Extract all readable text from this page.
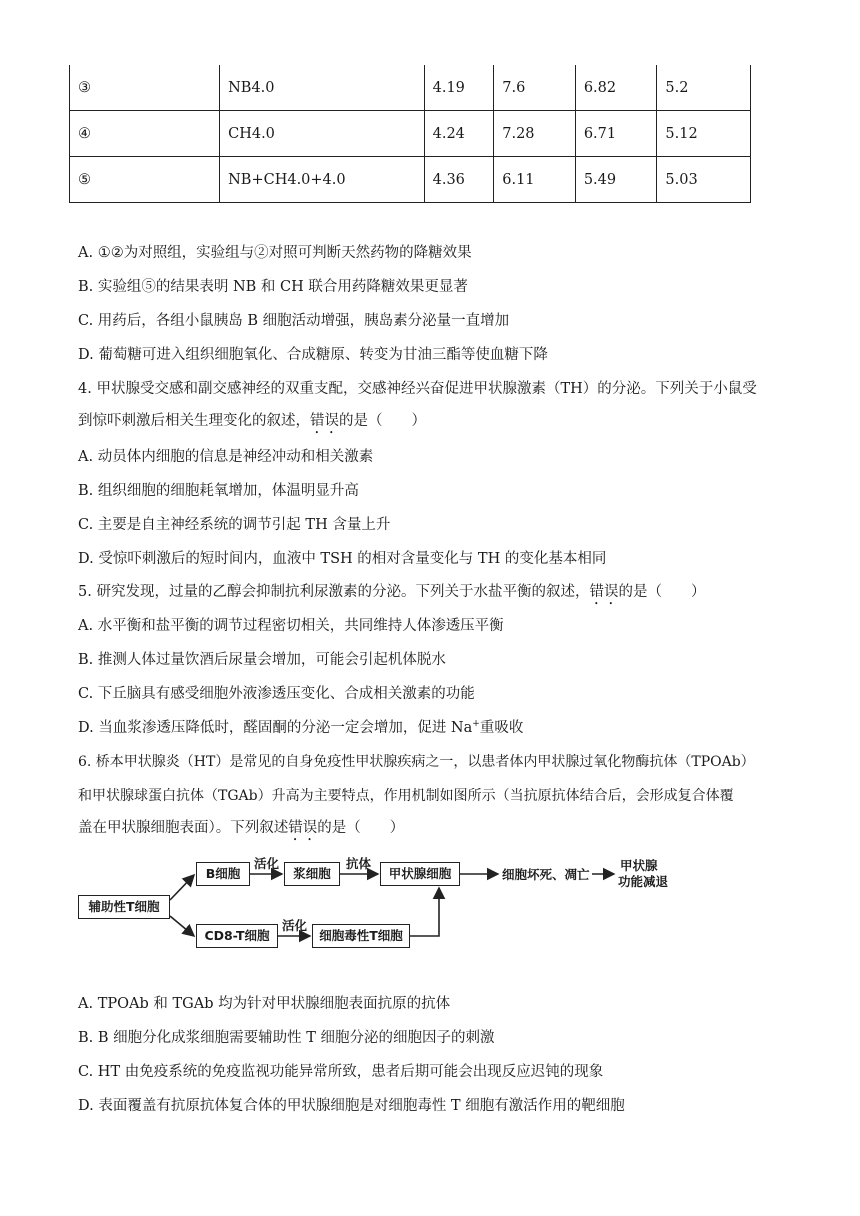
③	NB4.0	4.19	7.6	6.82	5.2
④	CH4.0	4.24	7.28	6.71	5.12
⑤	NB+CH4.0+4.0	4.36	6.11	5.49	5.03
A. ①②为对照组，实验组与②对照可判断天然药物的降糖效果
B. 实验组⑤的结果表明 NB 和 CH 联合用药降糖效果更显著
C. 用药后，各组小鼠胰岛 B 细胞活动增强，胰岛素分泌量一直增加
D. 葡萄糖可进入组织细胞氧化、合成糖原、转变为甘油三酯等使血糖下降
4. 甲状腺受交感和副交感神经的双重支配，交感神经兴奋促进甲状腺激素（TH）的分泌。下列关于小鼠受
到惊吓刺激后相关生理变化的叙述，错误的是（　　）
A. 动员体内细胞的信息是神经冲动和相关激素
B. 组织细胞的细胞耗氧增加，体温明显升高
C. 主要是自主神经系统的调节引起 TH 含量上升
D. 受惊吓刺激后的短时间内，血液中 TSH 的相对含量变化与 TH 的变化基本相同
5. 研究发现，过量的乙醇会抑制抗利尿激素的分泌。下列关于水盐平衡的叙述，错误的是（　　）
A. 水平衡和盐平衡的调节过程密切相关，共同维持人体渗透压平衡
B. 推测人体过量饮酒后尿量会增加，可能会引起机体脱水
C. 下丘脑具有感受细胞外液渗透压变化、合成相关激素的功能
D. 当血浆渗透压降低时，醛固酮的分泌一定会增加，促进 Na+重吸收
6. 桥本甲状腺炎（HT）是常见的自身免疫性甲状腺疾病之一，以患者体内甲状腺过氧化物酶抗体（TPOAb）
和甲状腺球蛋白抗体（TGAb）升高为主要特点，作用机制如图所示（当抗原抗体结合后，会形成复合体覆
盖在甲状腺细胞表面）。下列叙述错误的是（　　）
辅助性T细胞
B细胞	浆细胞	甲状腺细胞
CD8-T细胞	细胞毒性T细胞
活化	抗体
活化
细胞坏死、凋亡
甲状腺
功能减退
A. TPOAb 和 TGAb 均为针对甲状腺细胞表面抗原的抗体
B. B 细胞分化成浆细胞需要辅助性 T 细胞分泌的细胞因子的刺激
C. HT 由免疫系统的免疫监视功能异常所致，患者后期可能会出现反应迟钝的现象
D. 表面覆盖有抗原抗体复合体的甲状腺细胞是对细胞毒性 T 细胞有激活作用的靶细胞
